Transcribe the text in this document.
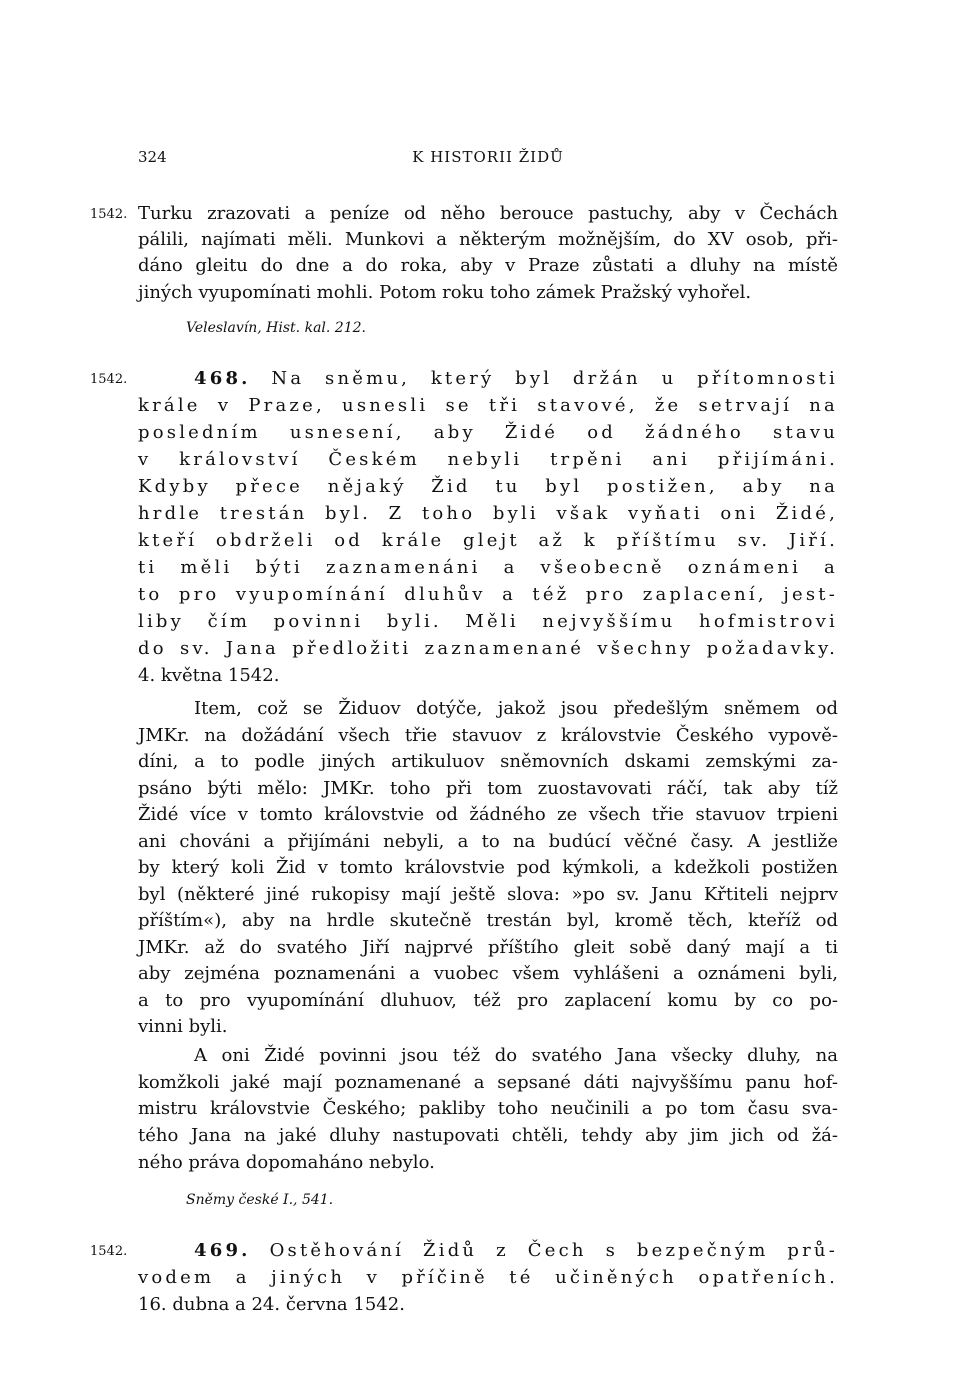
324	K HISTORII ŽIDŮ
1542. Turku zrazovati a peníze od něho berouce pastuchy, aby v Čechách
pálili, najímati měli. Munkovi a některým možnějším, do XV osob, při-
dáno gleitu do dne a do roka, aby v Praze zůstati a dluhy na místě
jiných vyupomínati mohli. Potom roku toho zámek Pražský vyhořel.
Veleslavín, Hist. kal. 212.
1542.	468. Na sněmu, který byl držán u přítomnosti
krále v Praze, usnesli se tři stavové, že setrvají na
posledním usnesení, aby Židé od žádného stavu
v království Českém nebyli trpěni ani přijímáni.
Kdyby přece nějaký Žid tu byl postižen, aby na
hrdle trestán byl. Z toho byli však vyňati oni Židé,
kteří obdrželi od krále glejt až k příštímu sv. Jiří.
ti měli býti zaznamenáni a všeobecně oznámeni a
to pro vyupomínání dluhův a též pro zaplacení, jest-
liby čím povinni byli. Měli nejvyššímu hofmistrovi
do sv. Jana předložiti zaznamenané všechny požadavky.
4. května 1542.
Item, což se Židuov dotýče, jakož jsou předešlým sněmem od
JMKr. na dožádání všech třie stavuov z královstvie Českého vypově-
díni, a to podle jiných artikuluov sněmovních dskami zemskými za-
psáno býti mělo: JMKr. toho při tom zuostavovati ráčí, tak aby tíž
Židé více v tomto královstvie od žádného ze všech třie stavuov trpieni
ani chováni a přijímáni nebyli, a to na budúcí věčné časy. A jestliže
by který koli Žid v tomto královstvie pod kýmkoli, a kdežkoli postižen
byl (některé jiné rukopisy mají ještě slova: »po sv. Janu Křtiteli nejprv
příštím«), aby na hrdle skutečně trestán byl, kromě těch, kteříž od
JMKr. až do svatého Jiří najprvé příštího gleit sobě daný mají a ti
aby zejména poznamenáni a vuobec všem vyhlášeni a oznámeni byli,
a to pro vyupomínání dluhuov, též pro zaplacení komu by co po-
vinni byli.
A oni Židé povinni jsou též do svatého Jana všecky dluhy, na
komžkoli jaké mají poznamenané a sepsané dáti najvyššímu panu hof-
mistru královstvie Českého; pakliby toho neučinili a po tom času sva-
tého Jana na jaké dluhy nastupovati chtěli, tehdy aby jim jich od žá-
ného práva dopomaháno nebylo.
Sněmy české I., 541.
1542.	469. Ostěhování Židů z Čech s bezpečným prů-
vodem a jiných v příčině té učiněných opatřeních.
16. dubna a 24. června 1542.
